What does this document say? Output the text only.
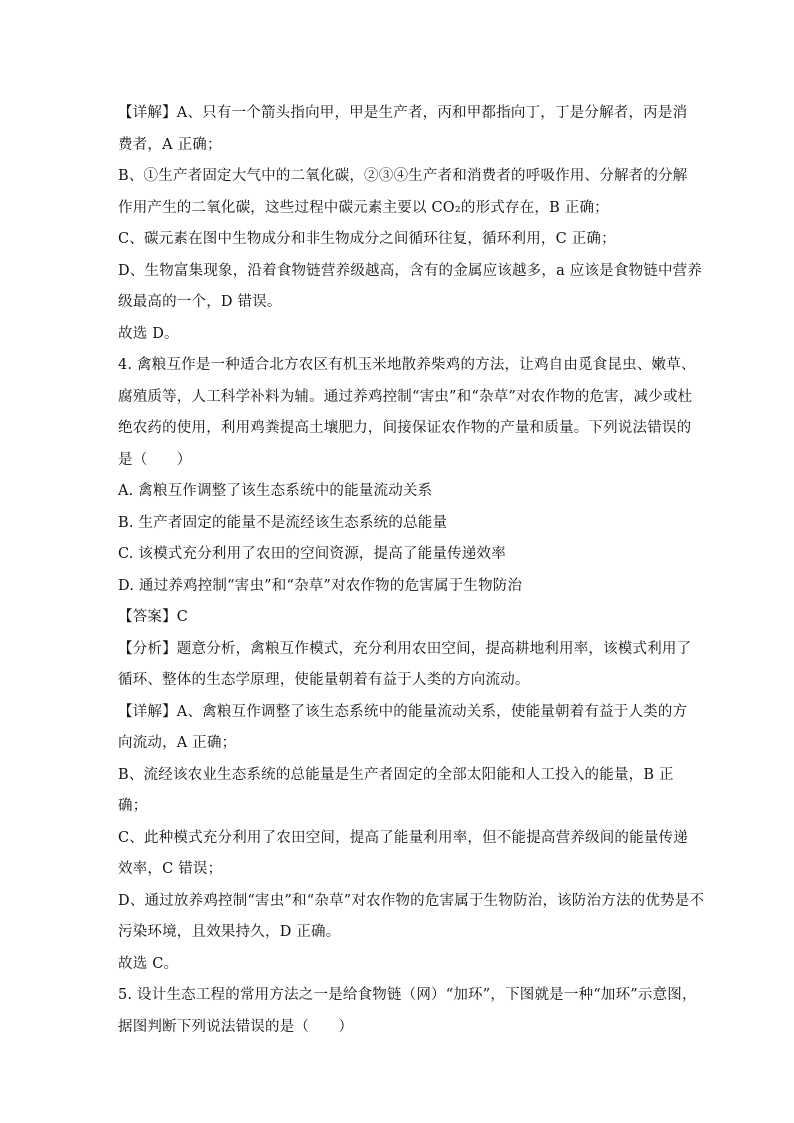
【详解】A、只有一个箭头指向甲，甲是生产者，丙和甲都指向丁，丁是分解者，丙是消
费者，A 正确；
B、①生产者固定大气中的二氧化碳，②③④生产者和消费者的呼吸作用、分解者的分解
作用产生的二氧化碳，这些过程中碳元素主要以 CO₂的形式存在，B 正确；
C、碳元素在图中生物成分和非生物成分之间循环往复，循环利用，C 正确；
D、生物富集现象，沿着食物链营养级越高，含有的金属应该越多，a 应该是食物链中营养
级最高的一个，D 错误。
故选 D。
4. 禽粮互作是一种适合北方农区有机玉米地散养柴鸡的方法，让鸡自由觅食昆虫、嫩草、
腐殖质等，人工科学补料为辅。通过养鸡控制“害虫”和“杂草”对农作物的危害，减少或杜
绝农药的使用，利用鸡粪提高土壤肥力，间接保证农作物的产量和质量。下列说法错误的
是（　　）
A. 禽粮互作调整了该生态系统中的能量流动关系
B. 生产者固定的能量不是流经该生态系统的总能量
C. 该模式充分利用了农田的空间资源，提高了能量传递效率
D. 通过养鸡控制“害虫”和“杂草”对农作物的危害属于生物防治
【答案】C
【分析】题意分析，禽粮互作模式，充分利用农田空间，提高耕地利用率，该模式利用了
循环、整体的生态学原理，使能量朝着有益于人类的方向流动。
【详解】A、禽粮互作调整了该生态系统中的能量流动关系，使能量朝着有益于人类的方
向流动，A 正确；
B、流经该农业生态系统的总能量是生产者固定的全部太阳能和人工投入的能量，B 正
确；
C、此种模式充分利用了农田空间，提高了能量利用率，但不能提高营养级间的能量传递
效率，C 错误；
D、通过放养鸡控制“害虫”和“杂草”对农作物的危害属于生物防治，该防治方法的优势是不
污染环境，且效果持久，D 正确。
故选 C。
5. 设计生态工程的常用方法之一是给食物链（网）“加环”，下图就是一种“加环”示意图，
据图判断下列说法错误的是（　　）
